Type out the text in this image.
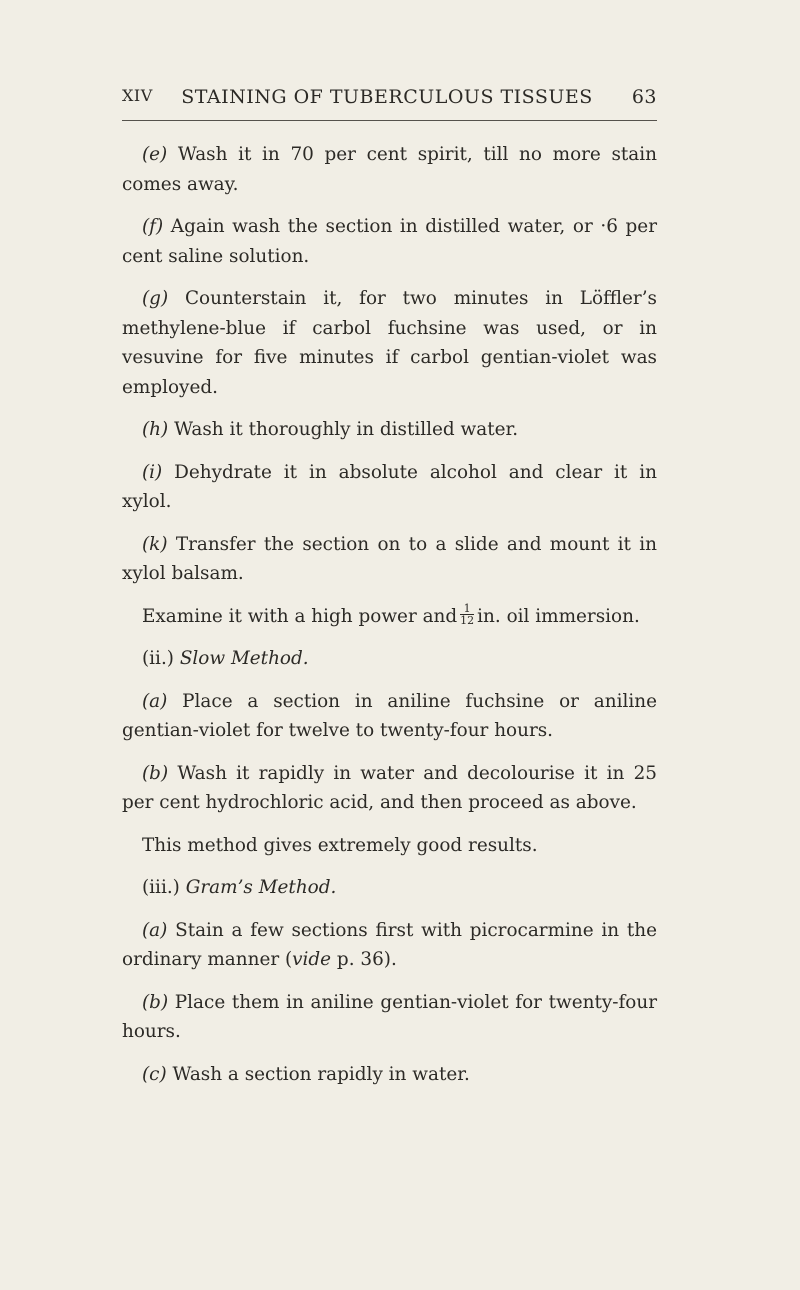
XIV	STAINING OF TUBERCULOUS TISSUES	63

(e) Wash it in 70 per cent spirit, till no more stain comes away.

(f) Again wash the section in distilled water, or ·6 per cent saline solution.

(g) Counterstain it, for two minutes in Löffler’s methylene-blue if carbol fuchsine was used, or in vesuvine for five minutes if carbol gentian-violet was employed.

(h) Wash it thoroughly in distilled water.

(i) Dehydrate it in absolute alcohol and clear it in xylol.

(k) Transfer the section on to a slide and mount it in xylol balsam.

Examine it with a high power and $\frac{1}{12}$ in. oil immersion.

(ii.) Slow Method.

(a) Place a section in aniline fuchsine or aniline gentian-violet for twelve to twenty-four hours.

(b) Wash it rapidly in water and decolourise it in 25 per cent hydrochloric acid, and then proceed as above.

This method gives extremely good results.

(iii.) Gram’s Method.

(a) Stain a few sections first with picrocarmine in the ordinary manner (vide p. 36).

(b) Place them in aniline gentian-violet for twenty-four hours.

(c) Wash a section rapidly in water.
